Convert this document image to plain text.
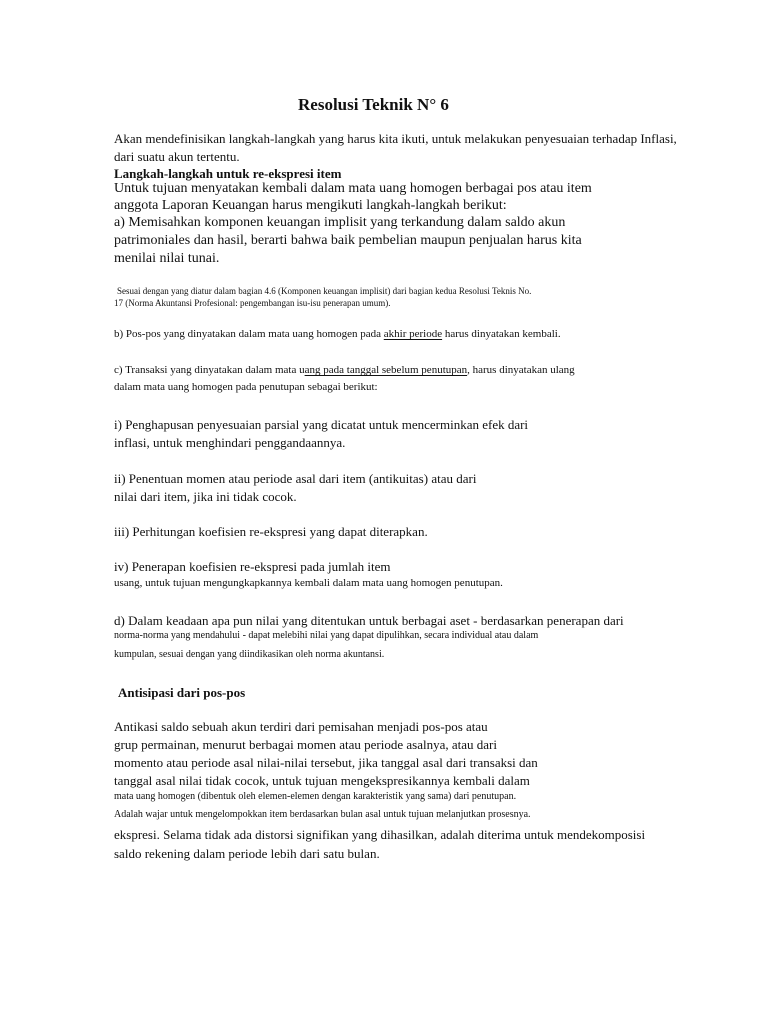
Resolusi Teknik N° 6
Akan mendefinisikan langkah-langkah yang harus kita ikuti, untuk melakukan penyesuaian terhadap Inflasi,
dari suatu akun tertentu.
Langkah-langkah untuk re-ekspresi item
Untuk tujuan menyatakan kembali dalam mata uang homogen berbagai pos atau item
anggota Laporan Keuangan harus mengikuti langkah-langkah berikut:
a) Memisahkan komponen keuangan implisit yang terkandung dalam saldo akun
patrimoniales dan hasil, berarti bahwa baik pembelian maupun penjualan harus kita
menilai nilai tunai.
Sesuai dengan yang diatur dalam bagian 4.6 (Komponen keuangan implisit) dari bagian kedua Resolusi Teknis No.
17 (Norma Akuntansi Profesional: pengembangan isu-isu penerapan umum).
b) Pos-pos yang dinyatakan dalam mata uang homogen pada akhir periode harus dinyatakan kembali.
c) Transaksi yang dinyatakan dalam mata uang pada tanggal sebelum penutupan, harus dinyatakan ulang
dalam mata uang homogen pada penutupan sebagai berikut:
i) Penghapusan penyesuaian parsial yang dicatat untuk mencerminkan efek dari
inflasi, untuk menghindari penggandaannya.
ii) Penentuan momen atau periode asal dari item (antikuitas) atau dari
nilai dari item, jika ini tidak cocok.
iii) Perhitungan koefisien re-ekspresi yang dapat diterapkan.
iv) Penerapan koefisien re-ekspresi pada jumlah item
usang, untuk tujuan mengungkapkannya kembali dalam mata uang homogen penutupan.
d) Dalam keadaan apa pun nilai yang ditentukan untuk berbagai aset - berdasarkan penerapan dari
norma-norma yang mendahului - dapat melebihi nilai yang dapat dipulihkan, secara individual atau dalam
kumpulan, sesuai dengan yang diindikasikan oleh norma akuntansi.
Antisipasi dari pos-pos
Antikasi saldo sebuah akun terdiri dari pemisahan menjadi pos-pos atau
grup permainan, menurut berbagai momen atau periode asalnya, atau dari
momento atau periode asal nilai-nilai tersebut, jika tanggal asal dari transaksi dan
tanggal asal nilai tidak cocok, untuk tujuan mengekspresikannya kembali dalam
mata uang homogen (dibentuk oleh elemen-elemen dengan karakteristik yang sama) dari penutupan.
Adalah wajar untuk mengelompokkan item berdasarkan bulan asal untuk tujuan melanjutkan prosesnya.
ekspresi. Selama tidak ada distorsi signifikan yang dihasilkan, adalah diterima untuk mendekomposisi
saldo rekening dalam periode lebih dari satu bulan.
